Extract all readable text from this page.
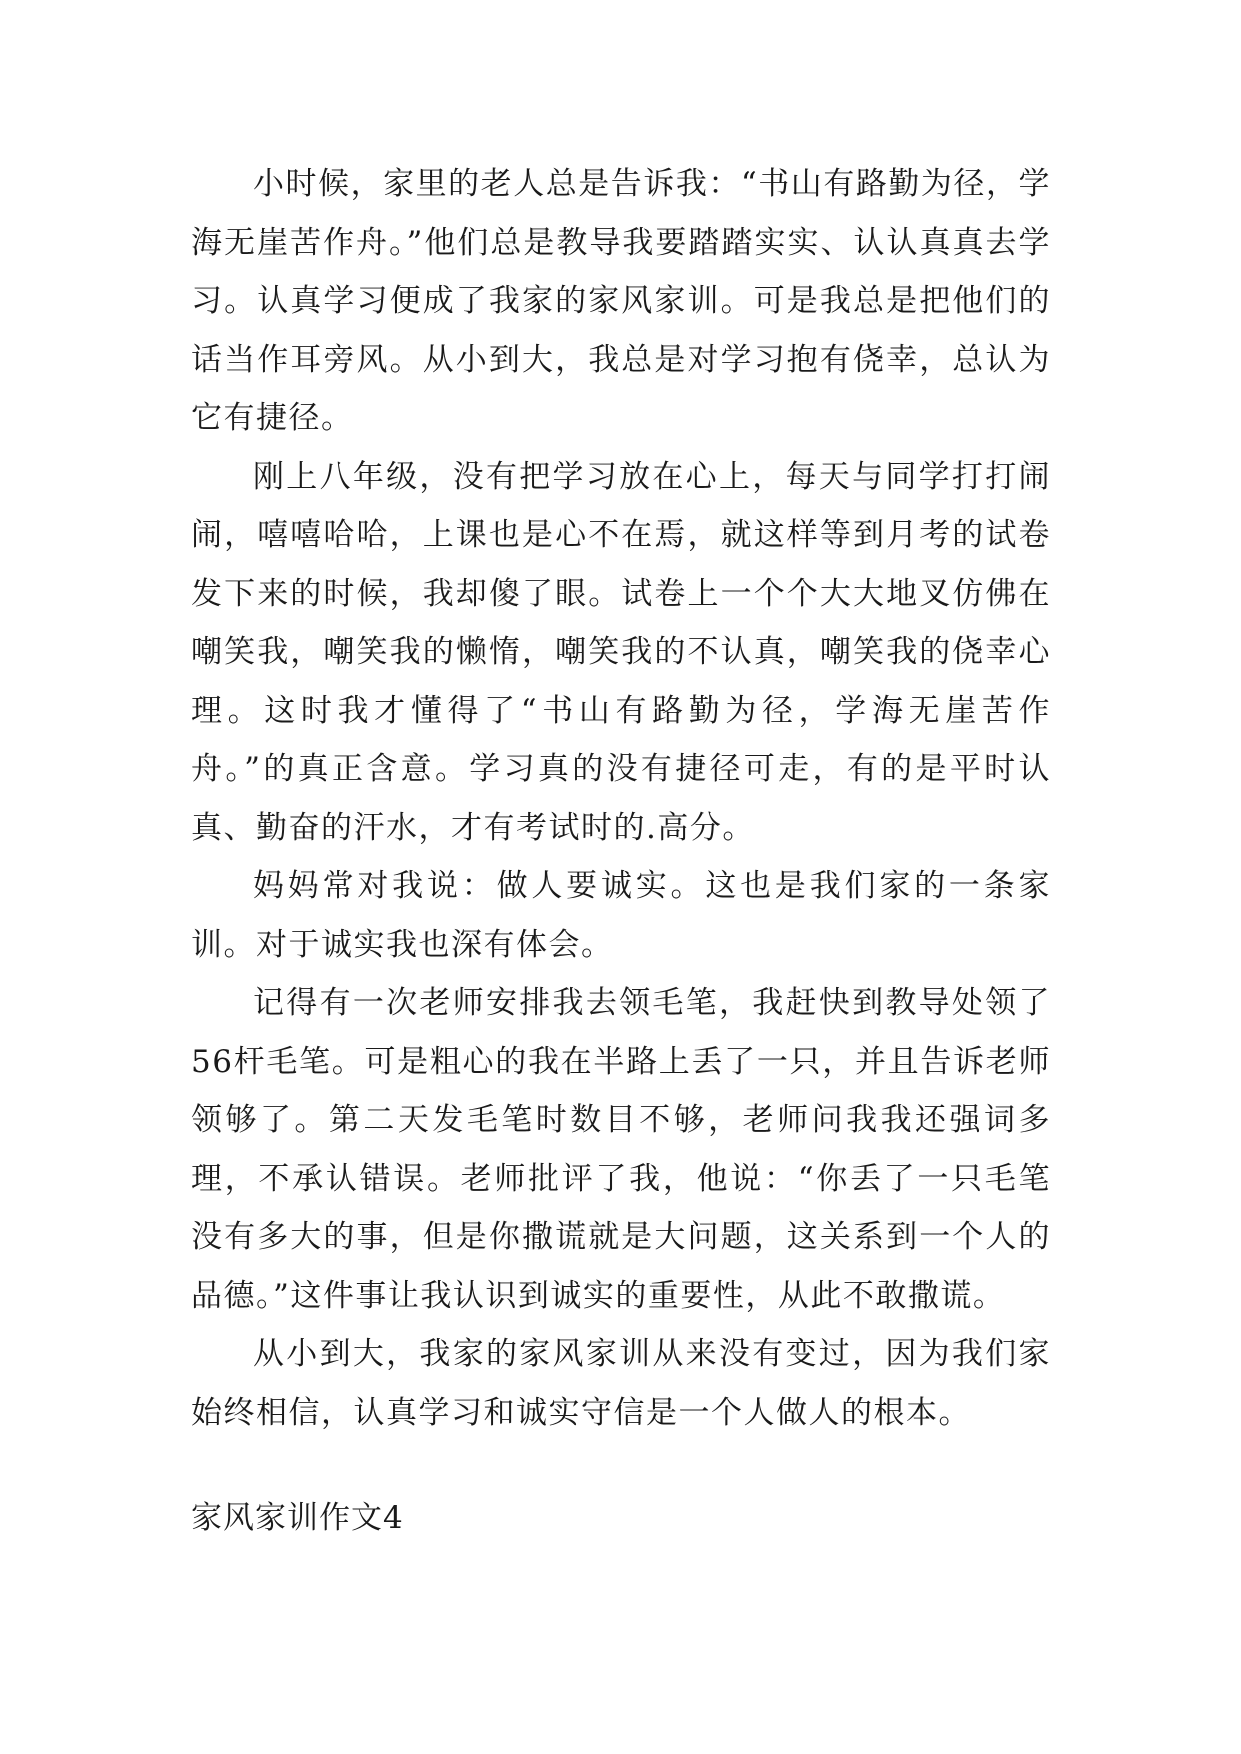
小时候，家里的老人总是告诉我：“书山有路勤为径，学海无崖苦作舟。”他们总是教导我要踏踏实实、认认真真去学习。认真学习便成了我家的家风家训。可是我总是把他们的话当作耳旁风。从小到大，我总是对学习抱有侥幸，总认为它有捷径。

刚上八年级，没有把学习放在心上，每天与同学打打闹闹，嘻嘻哈哈，上课也是心不在焉，就这样等到月考的试卷发下来的时候，我却傻了眼。试卷上一个个大大地叉仿佛在嘲笑我，嘲笑我的懒惰，嘲笑我的不认真，嘲笑我的侥幸心理。这时我才懂得了“书山有路勤为径，学海无崖苦作舟。”的真正含意。学习真的没有捷径可走，有的是平时认真、勤奋的汗水，才有考试时的.高分。

妈妈常对我说：做人要诚实。这也是我们家的一条家训。对于诚实我也深有体会。

记得有一次老师安排我去领毛笔，我赶快到教导处领了56杆毛笔。可是粗心的我在半路上丢了一只，并且告诉老师领够了。第二天发毛笔时数目不够，老师问我我还强词多理，不承认错误。老师批评了我，他说：“你丢了一只毛笔没有多大的事，但是你撒谎就是大问题，这关系到一个人的品德。”这件事让我认识到诚实的重要性，从此不敢撒谎。

从小到大，我家的家风家训从来没有变过，因为我们家始终相信，认真学习和诚实守信是一个人做人的根本。

家风家训作文4
